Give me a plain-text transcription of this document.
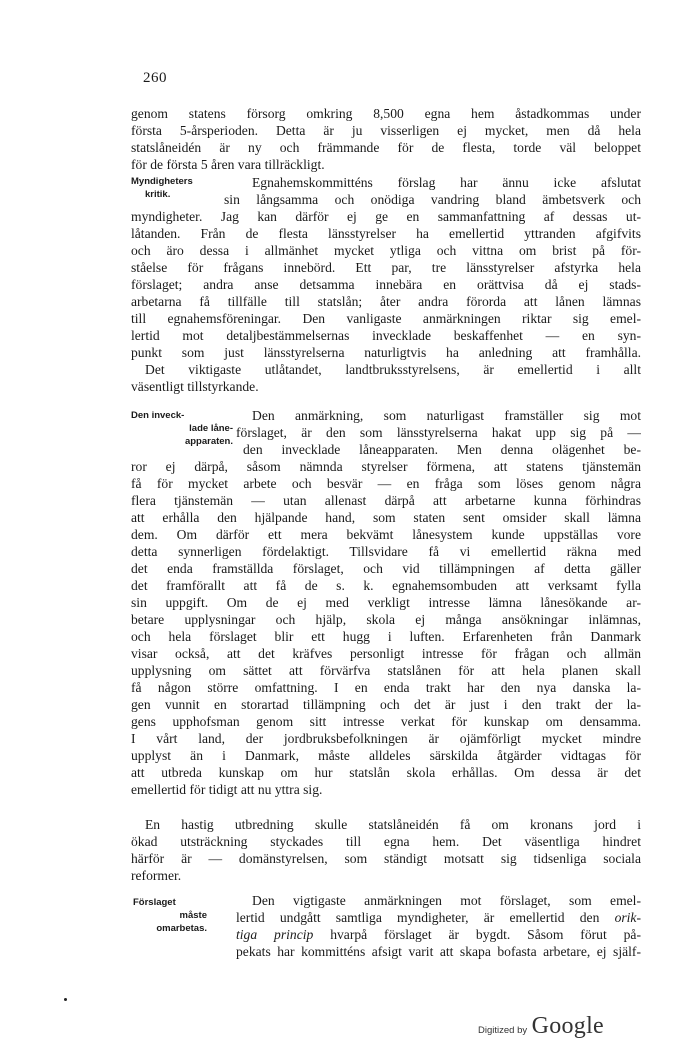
260
genom statens försorg omkring 8,500 egna hem åstadkommas under
första 5-årsperioden. Detta är ju visserligen ej mycket, men då hela
statslåneidén är ny och främmande för de flesta, torde väl beloppet
för de första 5 åren vara tillräckligt.
Myndigheters
kritik.
Egnahemskommitténs förslag har ännu icke afslutat
sin långsamma och onödiga vandring bland ämbetsverk och
myndigheter. Jag kan därför ej ge en sammanfattning af dessas ut-
låtanden. Från de flesta länsstyrelser ha emellertid yttranden afgifvits
och äro dessa i allmänhet mycket ytliga och vittna om brist på för-
ståelse för frågans innebörd. Ett par, tre länsstyrelser afstyrka hela
förslaget; andra anse detsamma innebära en orättvisa då ej stads-
arbetarna få tillfälle till statslån; åter andra förorda att lånen lämnas
till egnahemsföreningar. Den vanligaste anmärkningen riktar sig emel-
lertid mot detaljbestämmelsernas invecklade beskaffenhet — en syn-
punkt som just länsstyrelserna naturligtvis ha anledning att framhålla.
Det viktigaste utlåtandet, landtbruksstyrelsens, är emellertid i allt
väsentligt tillstyrkande.
Den inveck-
lade låne-
apparaten.
Den anmärkning, som naturligast framställer sig mot
förslaget, är den som länsstyrelserna hakat upp sig på —
den invecklade låneapparaten. Men denna olägenhet be-
ror ej därpå, såsom nämnda styrelser förmena, att statens tjänstemän
få för mycket arbete och besvär — en fråga som löses genom några
flera tjänstemän — utan allenast därpå att arbetarne kunna förhindras
att erhålla den hjälpande hand, som staten sent omsider skall lämna
dem. Om därför ett mera bekvämt lånesystem kunde uppställas vore
detta synnerligen fördelaktigt. Tillsvidare få vi emellertid räkna med
det enda framställda förslaget, och vid tillämpningen af detta gäller
det framförallt att få de s. k. egnahemsombuden att verksamt fylla
sin uppgift. Om de ej med verkligt intresse lämna lånesökande ar-
betare upplysningar och hjälp, skola ej många ansökningar inlämnas,
och hela förslaget blir ett hugg i luften. Erfarenheten från Danmark
visar också, att det kräfves personligt intresse för frågan och allmän
upplysning om sättet att förvärfva statslånen för att hela planen skall
få någon större omfattning. I en enda trakt har den nya danska la-
gen vunnit en storartad tillämpning och det är just i den trakt der la-
gens upphofsman genom sitt intresse verkat för kunskap om densamma.
I vårt land, der jordbruksbefolkningen är ojämförligt mycket mindre
upplyst än i Danmark, måste alldeles särskilda åtgärder vidtagas för
att utbreda kunskap om hur statslån skola erhållas. Om dessa är det
emellertid för tidigt att nu yttra sig.
En hastig utbredning skulle statslåneidén få om kronans jord i
ökad utsträckning styckades till egna hem. Det väsentliga hindret
härför är — domänstyrelsen, som ständigt motsatt sig tidsenliga sociala
reformer.
Förslaget
måste
omarbetas.
Den vigtigaste anmärkningen mot förslaget, som emel-
lertid undgått samtliga myndigheter, är emellertid den orik-
tiga princip hvarpå förslaget är bygdt. Såsom förut på-
pekats har kommitténs afsigt varit att skapa bofasta arbetare, ej själf-
Digitized by Google
